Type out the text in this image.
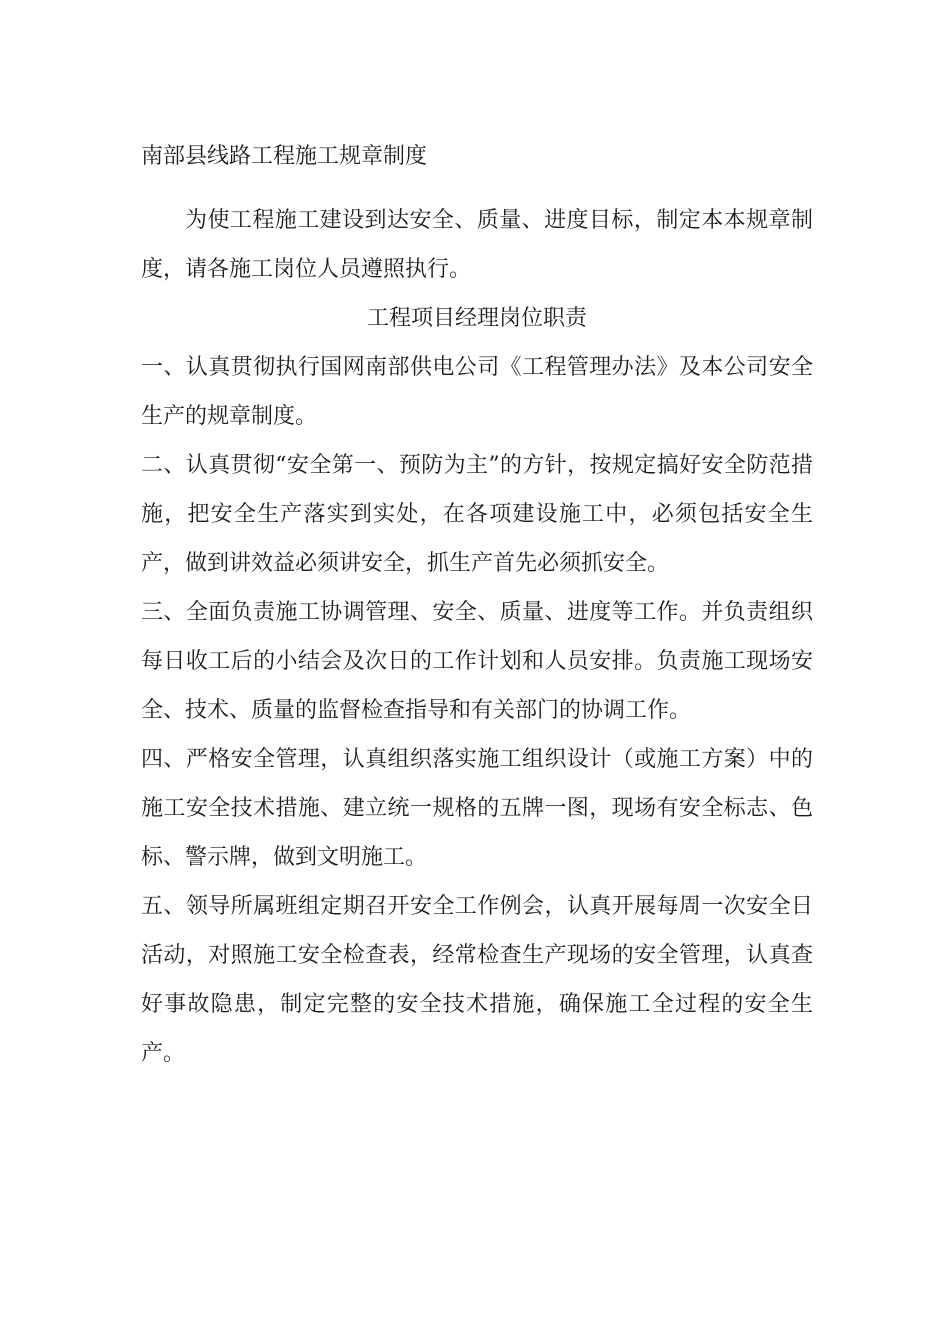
南部县线路工程施工规章制度

为使工程施工建设到达安全、质量、进度目标，制定本本规章制度，请各施工岗位人员遵照执行。

工程项目经理岗位职责

一、认真贯彻执行国网南部供电公司《工程管理办法》及本公司安全生产的规章制度。

二、认真贯彻“安全第一、预防为主”的方针，按规定搞好安全防范措施，把安全生产落实到实处，在各项建设施工中，必须包括安全生产，做到讲效益必须讲安全，抓生产首先必须抓安全。

三、全面负责施工协调管理、安全、质量、进度等工作。并负责组织每日收工后的小结会及次日的工作计划和人员安排。负责施工现场安全、技术、质量的监督检查指导和有关部门的协调工作。

四、严格安全管理，认真组织落实施工组织设计（或施工方案）中的施工安全技术措施、建立统一规格的五牌一图，现场有安全标志、色标、警示牌，做到文明施工。

五、领导所属班组定期召开安全工作例会，认真开展每周一次安全日活动，对照施工安全检查表，经常检查生产现场的安全管理，认真查好事故隐患，制定完整的安全技术措施，确保施工全过程的安全生产。
